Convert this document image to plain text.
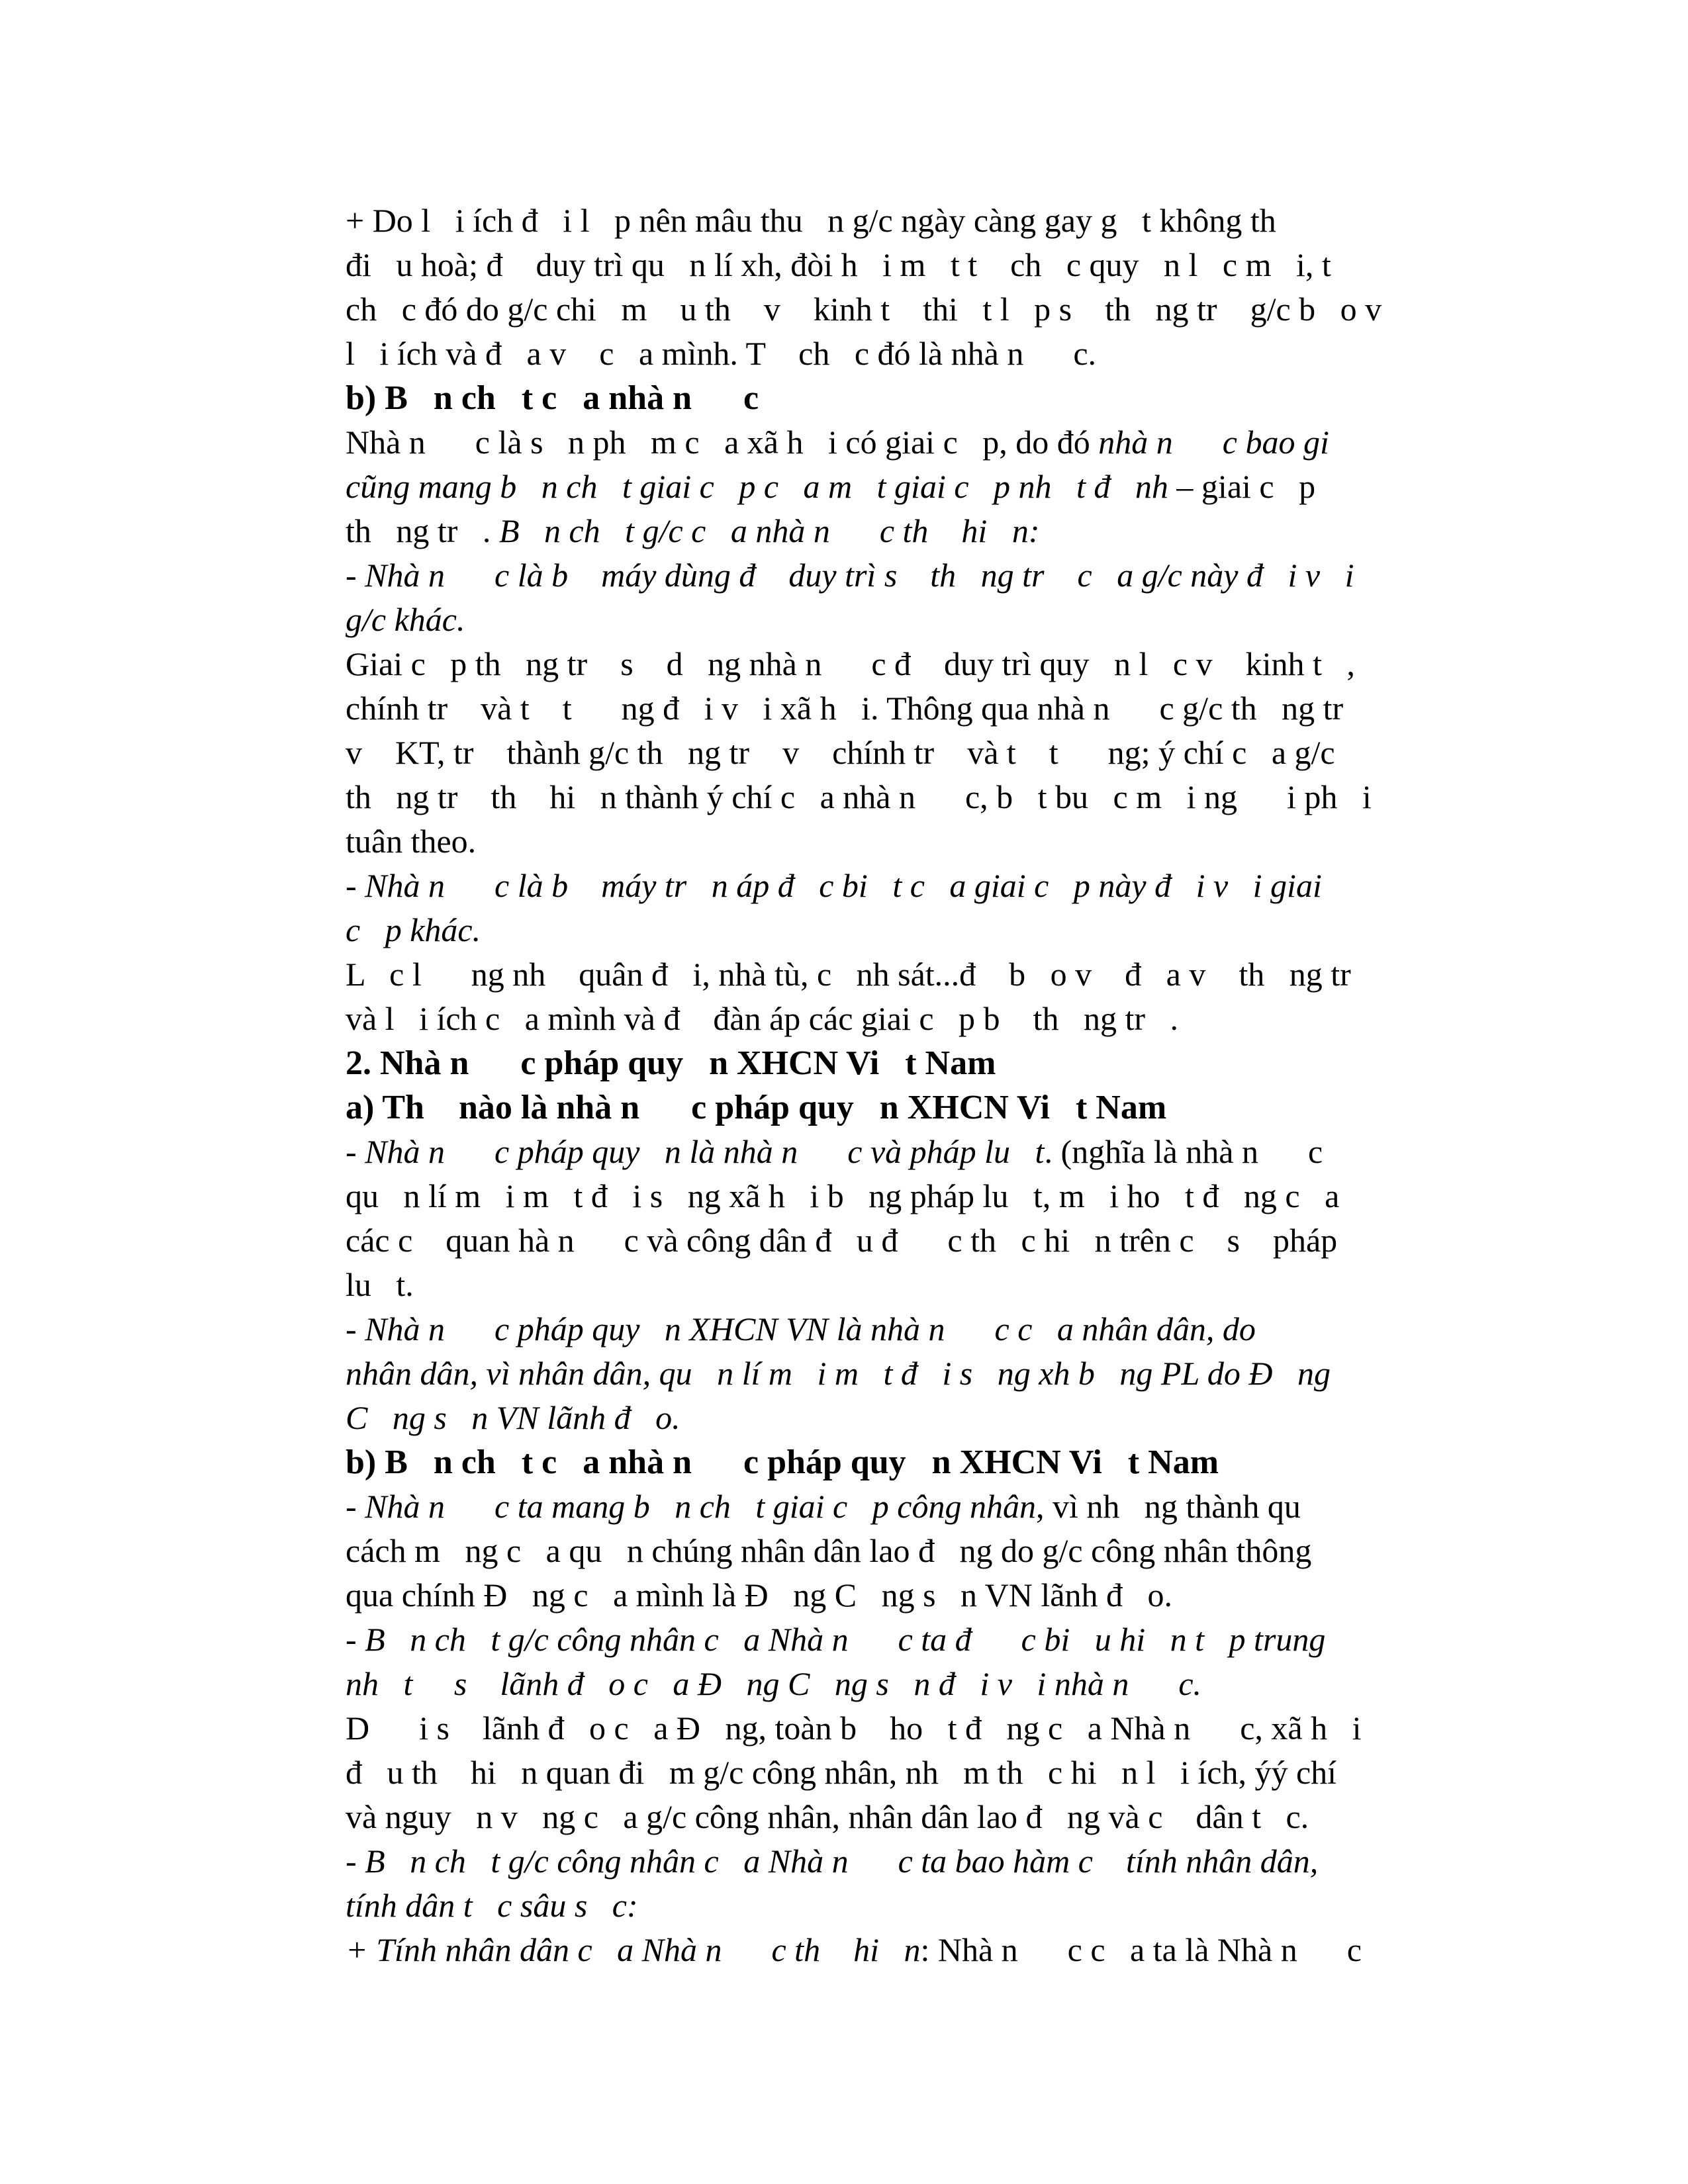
+ Do l   i ích đ   i l   p nên mâu thu   n g/c ngày càng gay g   t không th
đi   u hoà; đ    duy trì qu   n lí xh, đòi h   i m   t t    ch   c quy   n l   c m   i, t
ch   c đó do g/c chi   m    u th    v    kinh t    thi   t l   p s    th   ng tr    g/c b   o v
l   i ích và đ   a v    c   a mình. T    ch   c đó là nhà n      c.
b) B   n ch   t c   a nhà n      c
Nhà n      c là s   n ph   m c   a xã h   i có giai c   p, do đó nhà n      c bao gi
cũng mang b   n ch   t giai c   p c   a m   t giai c   p nh   t đ   nh – giai c   p
th   ng tr   . B   n ch   t g/c c   a nhà n      c th    hi   n:
- Nhà n      c là b    máy dùng đ    duy trì s    th   ng tr    c   a g/c này đ   i v   i
g/c khác.
Giai c   p th   ng tr    s    d   ng nhà n      c đ    duy trì quy   n l   c v    kinh t   ,
chính tr    và t    t      ng đ   i v   i xã h   i. Thông qua nhà n      c g/c th   ng tr
v    KT, tr    thành g/c th   ng tr    v    chính tr    và t    t      ng; ý chí c   a g/c
th   ng tr    th    hi   n thành ý chí c   a nhà n      c, b   t bu   c m   i ng      i ph   i
tuân theo.
- Nhà n      c là b    máy tr   n áp đ   c bi   t c   a giai c   p này đ   i v   i giai
c   p khác.
L   c l      ng nh    quân đ   i, nhà tù, c   nh sát...đ    b   o v    đ   a v    th   ng tr
và l   i ích c   a mình và đ    đàn áp các giai c   p b    th   ng tr   .
2. Nhà n      c pháp quy   n XHCN Vi   t Nam
a) Th    nào là nhà n      c pháp quy   n XHCN Vi   t Nam
- Nhà n      c pháp quy   n là nhà n      c và pháp lu   t. (nghĩa là nhà n      c
qu   n lí m   i m   t đ   i s   ng xã h   i b   ng pháp lu   t, m   i ho   t đ   ng c   a
các c    quan hà n      c và công dân đ   u đ      c th   c hi   n trên c    s    pháp
lu   t.
- Nhà n      c pháp quy   n XHCN VN là nhà n      c c   a nhân dân, do
nhân dân, vì nhân dân, qu   n lí m   i m   t đ   i s   ng xh b   ng PL do Đ   ng
C   ng s   n VN lãnh đ   o.
b) B   n ch   t c   a nhà n      c pháp quy   n XHCN Vi   t Nam
- Nhà n      c ta mang b   n ch   t giai c   p công nhân, vì nh   ng thành qu
cách m   ng c   a qu   n chúng nhân dân lao đ   ng do g/c công nhân thông
qua chính Đ   ng c   a mình là Đ   ng C   ng s   n VN lãnh đ   o.
- B   n ch   t g/c công nhân c   a Nhà n      c ta đ      c bi   u hi   n t   p trung
nh   t     s    lãnh đ   o c   a Đ   ng C   ng s   n đ   i v   i nhà n      c.
D      i s    lãnh đ   o c   a Đ   ng, toàn b    ho   t đ   ng c   a Nhà n      c, xã h   i
đ   u th    hi   n quan đi   m g/c công nhân, nh   m th   c hi   n l   i ích, ýý chí
và nguy   n v   ng c   a g/c công nhân, nhân dân lao đ   ng và c    dân t   c.
- B   n ch   t g/c công nhân c   a Nhà n      c ta bao hàm c    tính nhân dân,
tính dân t   c sâu s   c:
+ Tính nhân dân c   a Nhà n      c th    hi   n: Nhà n      c c   a ta là Nhà n      c
